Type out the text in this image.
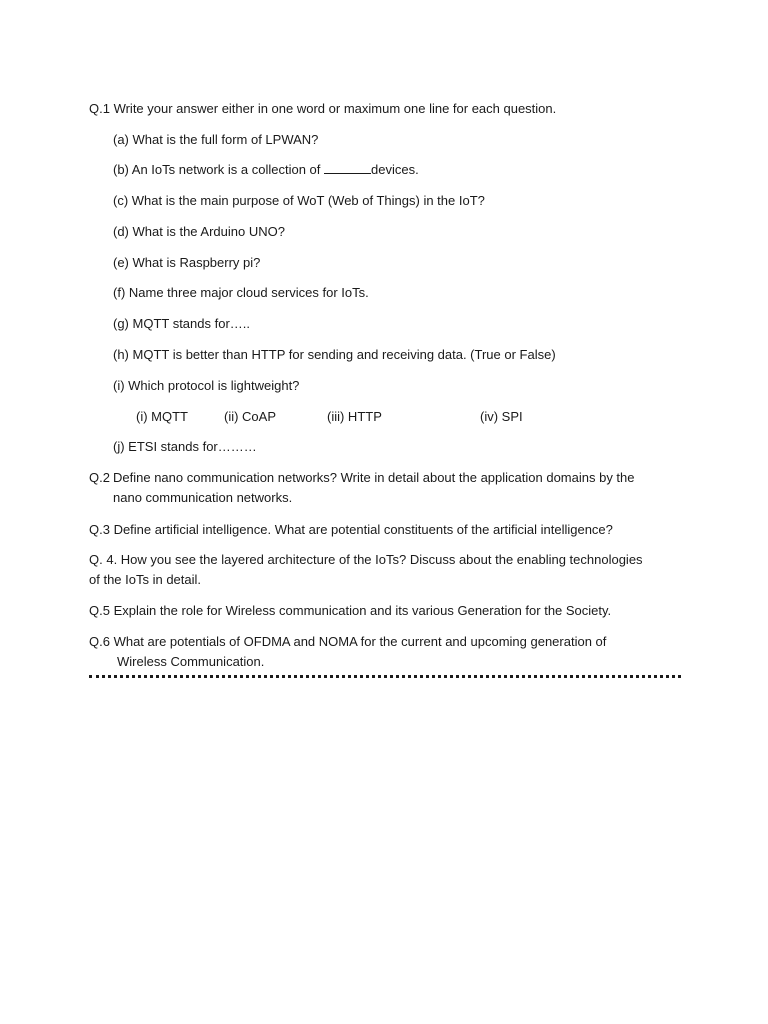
Q.1 Write your answer either in one word or maximum one line for each question.
(a) What is the full form of LPWAN?
(b) An IoTs network is a collection of	devices.
(c) What is the main purpose of WoT (Web of Things) in the IoT?
(d) What is the Arduino UNO?
(e) What is Raspberry pi?
(f) Name three major cloud services for IoTs.
(g) MQTT stands for…..
(h) MQTT is better than HTTP for sending and receiving data. (True or False)
(i) Which protocol is lightweight?
(i) MQTT	(ii) CoAP	(iii) HTTP	(iv) SPI
(j) ETSI stands for………
Q.2 Define nano communication networks? Write in detail about the application domains by the
nano communication networks.
Q.3 Define artificial intelligence. What are potential constituents of the artificial intelligence?
Q. 4. How you see the layered architecture of the IoTs? Discuss about the enabling technologies
of the IoTs in detail.
Q.5 Explain the role for Wireless communication and its various Generation for the Society.
Q.6 What are potentials of OFDMA and NOMA for the current and upcoming generation of
Wireless Communication.
